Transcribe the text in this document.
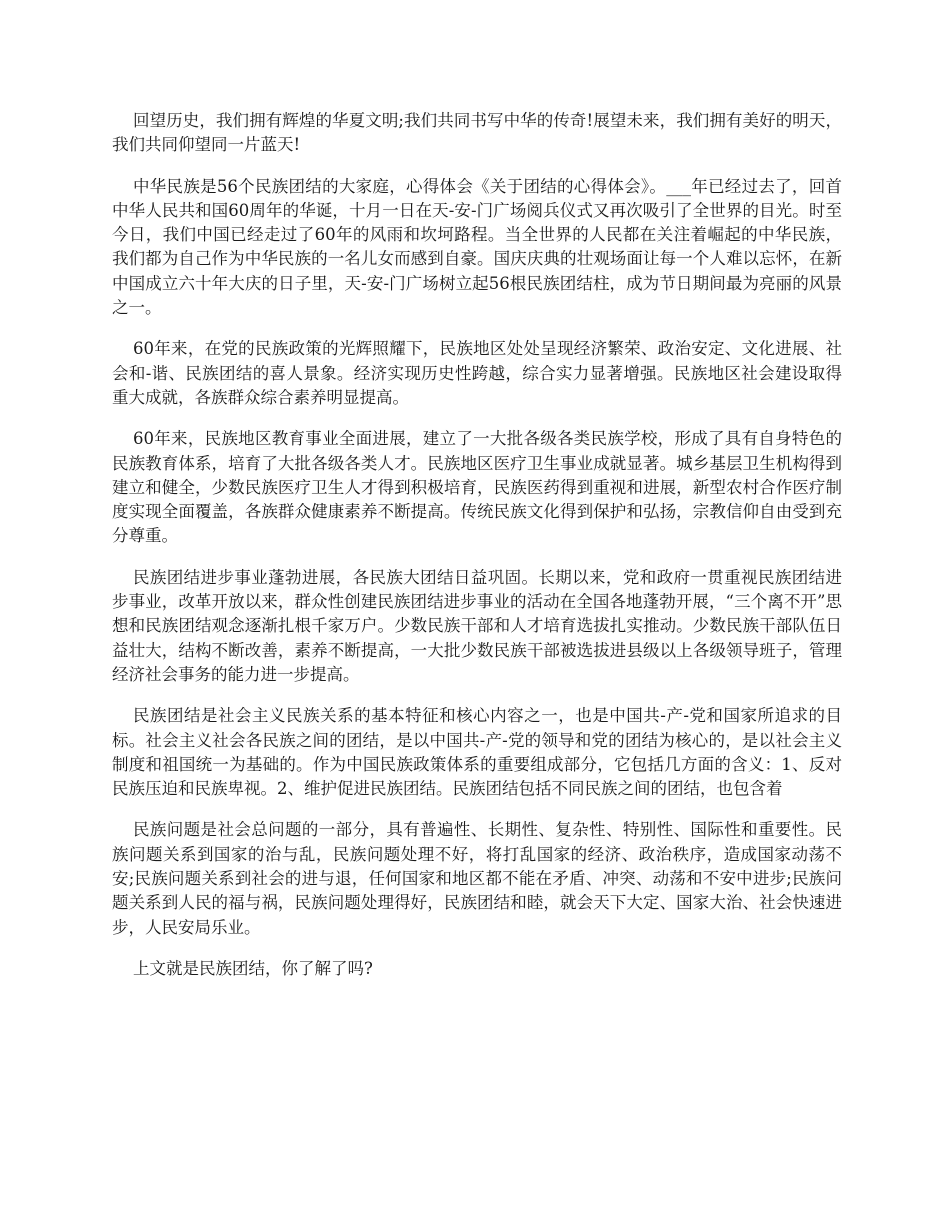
回望历史，我们拥有辉煌的华夏文明;我们共同书写中华的传奇!展望未来，我们拥有美好的明天，我们共同仰望同一片蓝天!

中华民族是56个民族团结的大家庭，心得体会《关于团结的心得体会》。___年已经过去了，回首中华人民共和国60周年的华诞，十月一日在天-安-门广场阅兵仪式又再次吸引了全世界的目光。时至今日，我们中国已经走过了60年的风雨和坎坷路程。当全世界的人民都在关注着崛起的中华民族，我们都为自己作为中华民族的一名儿女而感到自豪。国庆庆典的壮观场面让每一个人难以忘怀，在新中国成立六十年大庆的日子里，天-安-门广场树立起56根民族团结柱，成为节日期间最为亮丽的风景之一。

60年来，在党的民族政策的光辉照耀下，民族地区处处呈现经济繁荣、政治安定、文化进展、社会和-谐、民族团结的喜人景象。经济实现历史性跨越，综合实力显著增强。民族地区社会建设取得重大成就，各族群众综合素养明显提高。

60年来，民族地区教育事业全面进展，建立了一大批各级各类民族学校，形成了具有自身特色的民族教育体系，培育了大批各级各类人才。民族地区医疗卫生事业成就显著。城乡基层卫生机构得到建立和健全，少数民族医疗卫生人才得到积极培育，民族医药得到重视和进展，新型农村合作医疗制度实现全面覆盖，各族群众健康素养不断提高。传统民族文化得到保护和弘扬，宗教信仰自由受到充分尊重。

民族团结进步事业蓬勃进展，各民族大团结日益巩固。长期以来，党和政府一贯重视民族团结进步事业，改革开放以来，群众性创建民族团结进步事业的活动在全国各地蓬勃开展，“三个离不开”思想和民族团结观念逐渐扎根千家万户。少数民族干部和人才培育选拔扎实推动。少数民族干部队伍日益壮大，结构不断改善，素养不断提高，一大批少数民族干部被选拔进县级以上各级领导班子，管理经济社会事务的能力进一步提高。

民族团结是社会主义民族关系的基本特征和核心内容之一，也是中国共-产-党和国家所追求的目标。社会主义社会各民族之间的团结，是以中国共-产-党的领导和党的团结为核心的，是以社会主义制度和祖国统一为基础的。作为中国民族政策体系的重要组成部分，它包括几方面的含义：1、反对民族压迫和民族卑视。2、维护促进民族团结。民族团结包括不同民族之间的团结，也包含着

民族问题是社会总问题的一部分，具有普遍性、长期性、复杂性、特别性、国际性和重要性。民族问题关系到国家的治与乱，民族问题处理不好，将打乱国家的经济、政治秩序，造成国家动荡不安;民族问题关系到社会的进与退，任何国家和地区都不能在矛盾、冲突、动荡和不安中进步;民族问题关系到人民的福与祸，民族问题处理得好，民族团结和睦，就会天下大定、国家大治、社会快速进步，人民安局乐业。

上文就是民族团结，你了解了吗?
